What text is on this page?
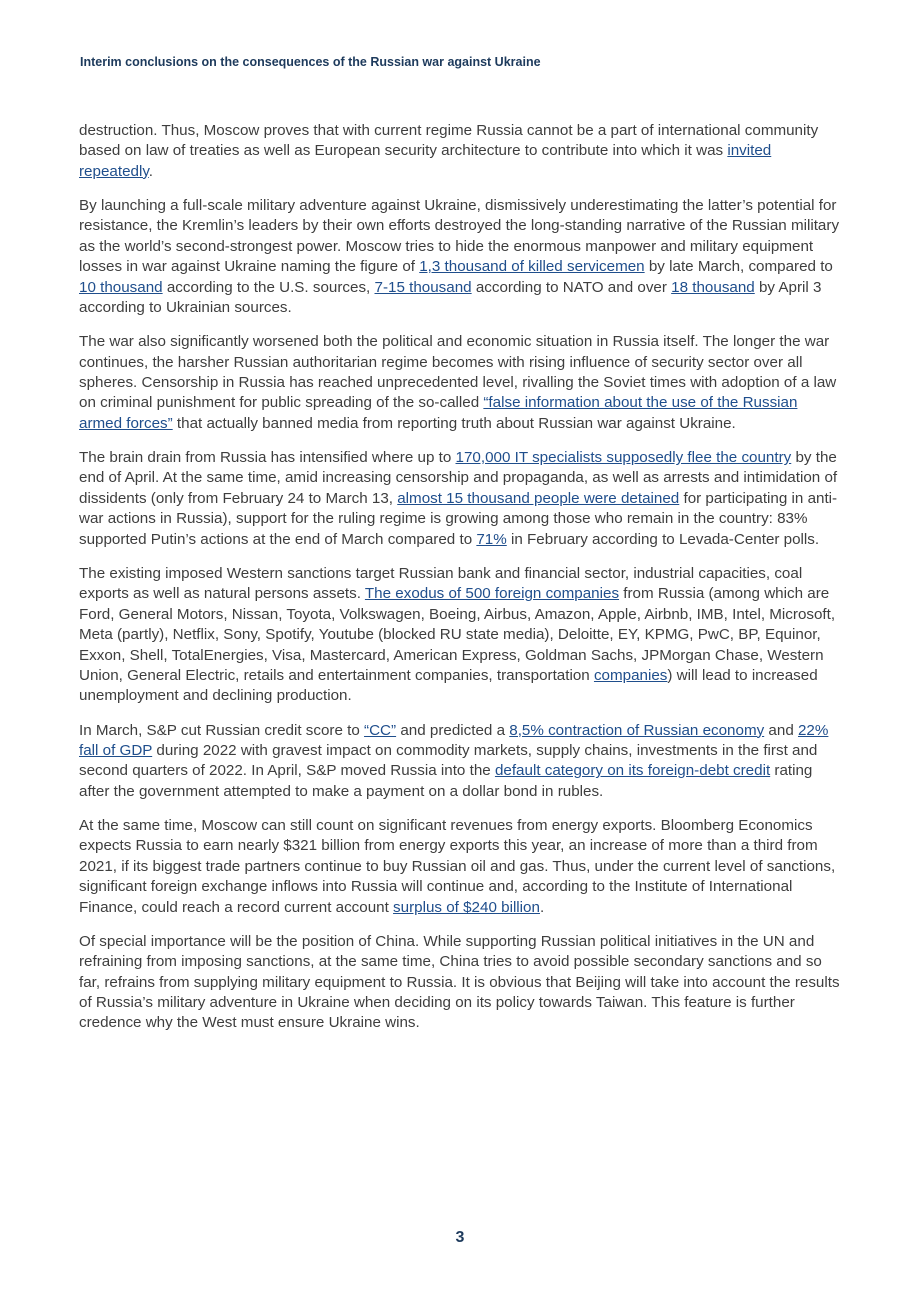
Interim conclusions on the consequences of the Russian war against Ukraine

destruction. Thus, Moscow proves that with current regime Russia cannot be a part of international community based on law of treaties as well as European security architecture to contribute into which it was invited repeatedly.

By launching a full-scale military adventure against Ukraine, dismissively underestimating the latter’s potential for resistance, the Kremlin’s leaders by their own efforts destroyed the long-standing narrative of the Russian military as the world’s second-strongest power. Moscow tries to hide the enormous manpower and military equipment losses in war against Ukraine naming the figure of 1,3 thousand of killed servicemen by late March, compared to 10 thousand according to the U.S. sources, 7-15 thousand according to NATO and over 18 thousand by April 3 according to Ukrainian sources.

The war also significantly worsened both the political and economic situation in Russia itself. The longer the war continues, the harsher Russian authoritarian regime becomes with rising influence of security sector over all spheres. Censorship in Russia has reached unprecedented level, rivalling the Soviet times with adoption of a law on criminal punishment for public spreading of the so-called “false information about the use of the Russian armed forces” that actually banned media from reporting truth about Russian war against Ukraine.

The brain drain from Russia has intensified where up to 170,000 IT specialists supposedly flee the country by the end of April. At the same time, amid increasing censorship and propaganda, as well as arrests and intimidation of dissidents (only from February 24 to March 13, almost 15 thousand people were detained for participating in anti-war actions in Russia), support for the ruling regime is growing among those who remain in the country: 83% supported Putin’s actions at the end of March compared to 71% in February according to Levada-Center polls.

The existing imposed Western sanctions target Russian bank and financial sector, industrial capacities, coal exports as well as natural persons assets. The exodus of 500 foreign companies from Russia (among which are Ford, General Motors, Nissan, Toyota, Volkswagen, Boeing, Airbus, Amazon, Apple, Airbnb, IMB, Intel, Microsoft, Meta (partly), Netflix, Sony, Spotify, Youtube (blocked RU state media), Deloitte, EY, KPMG, PwC, BP, Equinor, Exxon, Shell, TotalEnergies, Visa, Mastercard, American Express, Goldman Sachs, JPMorgan Chase, Western Union, General Electric, retails and entertainment companies, transportation companies) will lead to increased unemployment and declining production.

In March, S&P cut Russian credit score to “CC” and predicted a 8,5% contraction of Russian economy and 22% fall of GDP during 2022 with gravest impact on commodity markets, supply chains, investments in the first and second quarters of 2022. In April, S&P moved Russia into the default category on its foreign-debt credit rating after the government attempted to make a payment on a dollar bond in rubles.

At the same time, Moscow can still count on significant revenues from energy exports. Bloomberg Economics expects Russia to earn nearly $321 billion from energy exports this year, an increase of more than a third from 2021, if its biggest trade partners continue to buy Russian oil and gas. Thus, under the current level of sanctions, significant foreign exchange inflows into Russia will continue and, according to the Institute of International Finance, could reach a record current account surplus of $240 billion.

Of special importance will be the position of China. While supporting Russian political initiatives in the UN and refraining from imposing sanctions, at the same time, China tries to avoid possible secondary sanctions and so far, refrains from supplying military equipment to Russia. It is obvious that Beijing will take into account the results of Russia’s military adventure in Ukraine when deciding on its policy towards Taiwan. This feature is further credence why the West must ensure Ukraine wins.

3
